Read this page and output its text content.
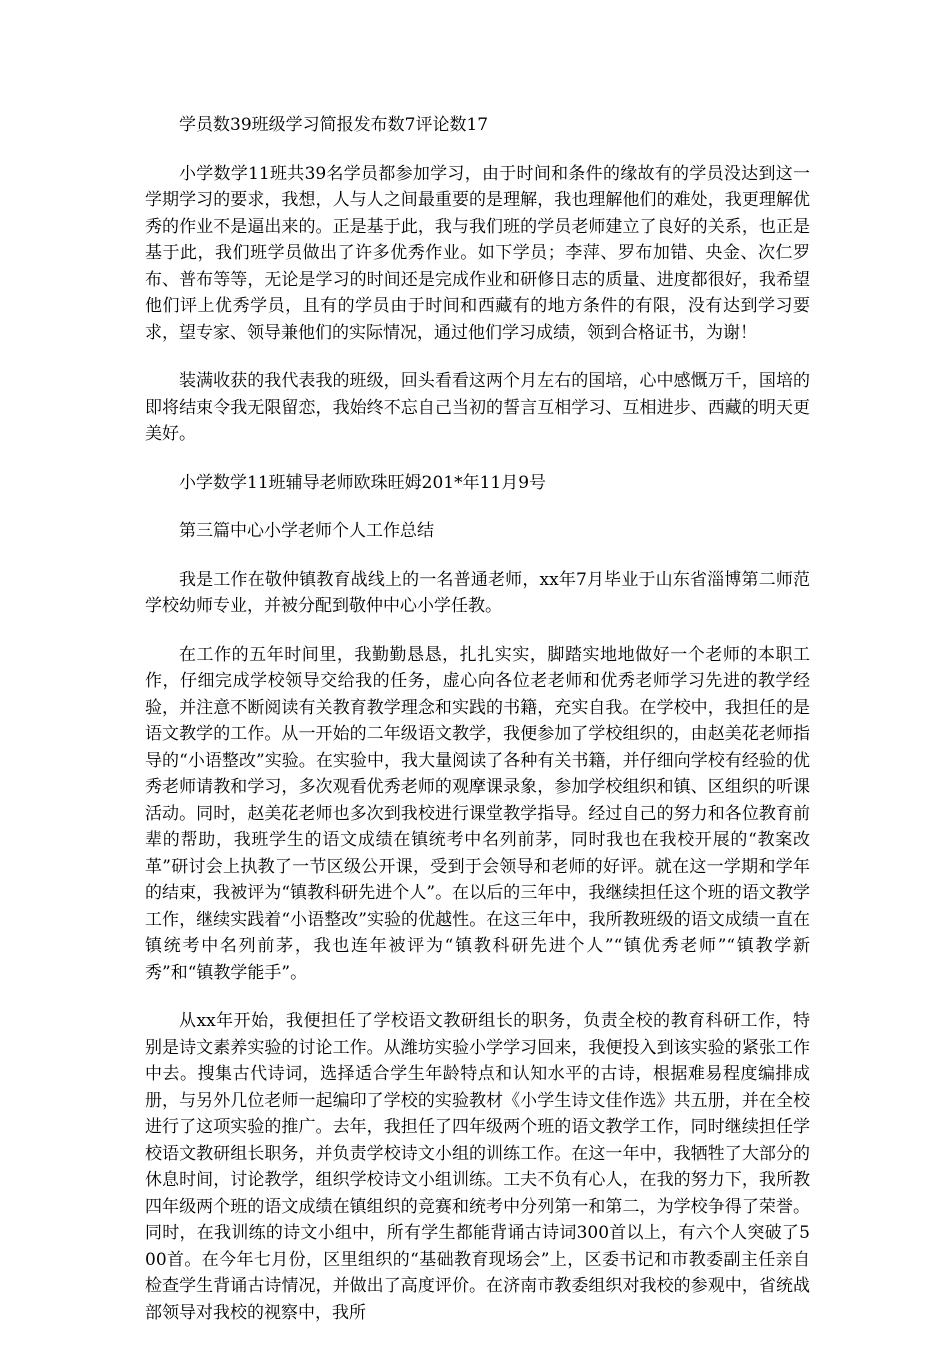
学员数39班级学习简报发布数7评论数17

小学数学11班共39名学员都参加学习，由于时间和条件的缘故有的学员没达到这一学期学习的要求，我想，人与人之间最重要的是理解，我也理解他们的难处，我更理解优秀的作业不是逼出来的。正是基于此，我与我们班的学员老师建立了良好的关系，也正是基于此，我们班学员做出了许多优秀作业。如下学员；李萍、罗布加错、央金、次仁罗布、普布等等，无论是学习的时间还是完成作业和研修日志的质量、进度都很好，我希望他们评上优秀学员，且有的学员由于时间和西藏有的地方条件的有限，没有达到学习要求，望专家、领导兼他们的实际情况，通过他们学习成绩，领到合格证书，为谢！

装满收获的我代表我的班级，回头看看这两个月左右的国培，心中感慨万千，国培的即将结束令我无限留恋，我始终不忘自己当初的誓言互相学习、互相进步、西藏的明天更美好。

小学数学11班辅导老师欧珠旺姆201*年11月9号

第三篇中心小学老师个人工作总结

我是工作在敬仲镇教育战线上的一名普通老师，xx年7月毕业于山东省淄博第二师范学校幼师专业，并被分配到敬仲中心小学任教。

在工作的五年时间里，我勤勤恳恳，扎扎实实，脚踏实地地做好一个老师的本职工作，仔细完成学校领导交给我的任务，虚心向各位老老师和优秀老师学习先进的教学经验，并注意不断阅读有关教育教学理念和实践的书籍，充实自我。在学校中，我担任的是语文教学的工作。从一开始的二年级语文教学，我便参加了学校组织的，由赵美花老师指导的“小语整改”实验。在实验中，我大量阅读了各种有关书籍，并仔细向学校有经验的优秀老师请教和学习，多次观看优秀老师的观摩课录象，参加学校组织和镇、区组织的听课活动。同时，赵美花老师也多次到我校进行课堂教学指导。经过自己的努力和各位教育前辈的帮助，我班学生的语文成绩在镇统考中名列前茅，同时我也在我校开展的“教案改革”研讨会上执教了一节区级公开课，受到于会领导和老师的好评。就在这一学期和学年的结束，我被评为“镇教科研先进个人”。在以后的三年中，我继续担任这个班的语文教学工作，继续实践着“小语整改”实验的优越性。在这三年中，我所教班级的语文成绩一直在镇统考中名列前茅，我也连年被评为“镇教科研先进个人”“镇优秀老师”“镇教学新秀”和“镇教学能手”。

从xx年开始，我便担任了学校语文教研组长的职务，负责全校的教育科研工作，特别是诗文素养实验的讨论工作。从潍坊实验小学学习回来，我便投入到该实验的紧张工作中去。搜集古代诗词，选择适合学生年龄特点和认知水平的古诗，根据难易程度编排成册，与另外几位老师一起编印了学校的实验教材《小学生诗文佳作选》共五册，并在全校进行了这项实验的推广。去年，我担任了四年级两个班的语文教学工作，同时继续担任学校语文教研组长职务，并负责学校诗文小组的训练工作。在这一年中，我牺牲了大部分的休息时间，讨论教学，组织学校诗文小组训练。工夫不负有心人，在我的努力下，我所教四年级两个班的语文成绩在镇组织的竞赛和统考中分列第一和第二，为学校争得了荣誉。同时，在我训练的诗文小组中，所有学生都能背诵古诗词300首以上，有六个人突破了500首。在今年七月份，区里组织的“基础教育现场会”上，区委书记和市教委副主任亲自检查学生背诵古诗情况，并做出了高度评价。在济南市教委组织对我校的参观中，省统战部领导对我校的视察中，我所
